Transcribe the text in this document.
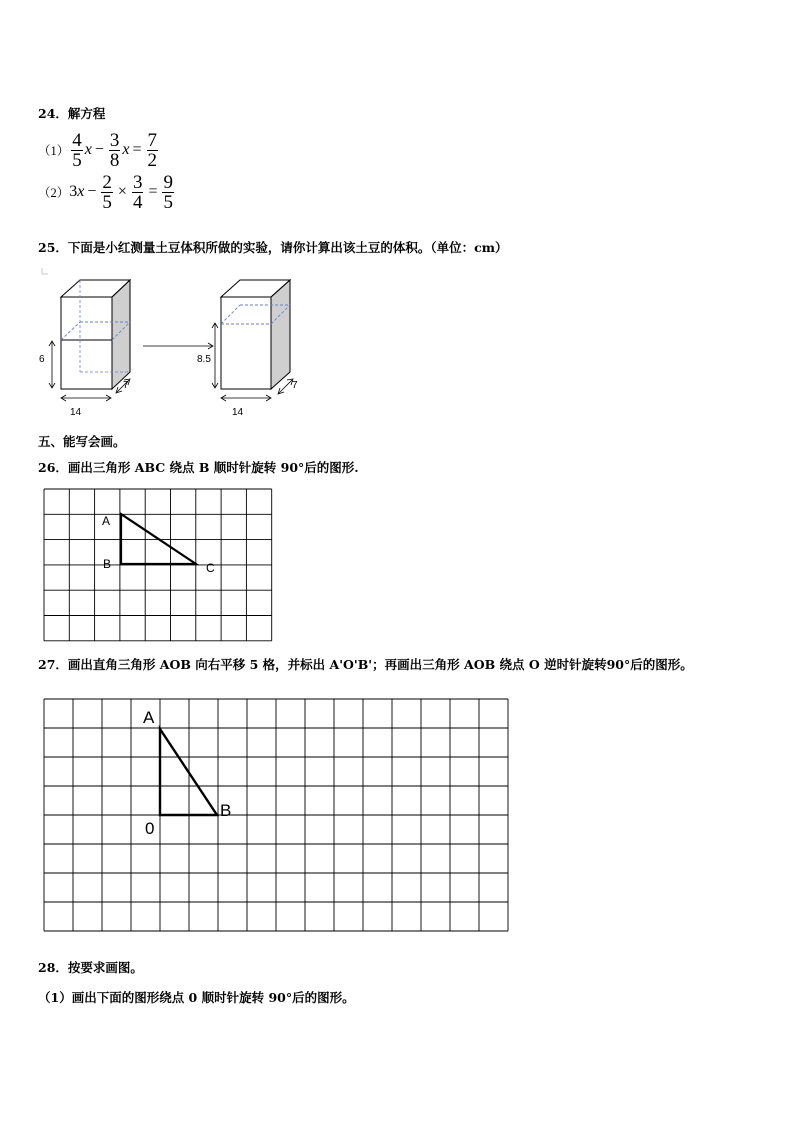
24．解方程
$(1) \frac{4}{5}$ $x - \frac{3}{8}$ $x = \frac{7}{2}$
（2） 3 $x - \frac{2}{5} \times \frac{3}{4} = \frac{9}{5}$
25．下面是小红测量土豆体积所做的实验，请你计算出该土豆的体积。（单位：cm）
6
14
7
8.5
14
7
五、能写会画。
26．画出三角形 ABC 绕点 B 顺时针旋转 90°后的图形.
A
B	C
27．画出直角三角形 AOB 向右平移 5 格，并标出 A'O'B'；再画出三角形 AOB 绕点 O 逆时针旋转90°后的图形。
A
0
B
28．按要求画图。
（1）画出下面的图形绕点 0 顺时针旋转 90°后的图形。
